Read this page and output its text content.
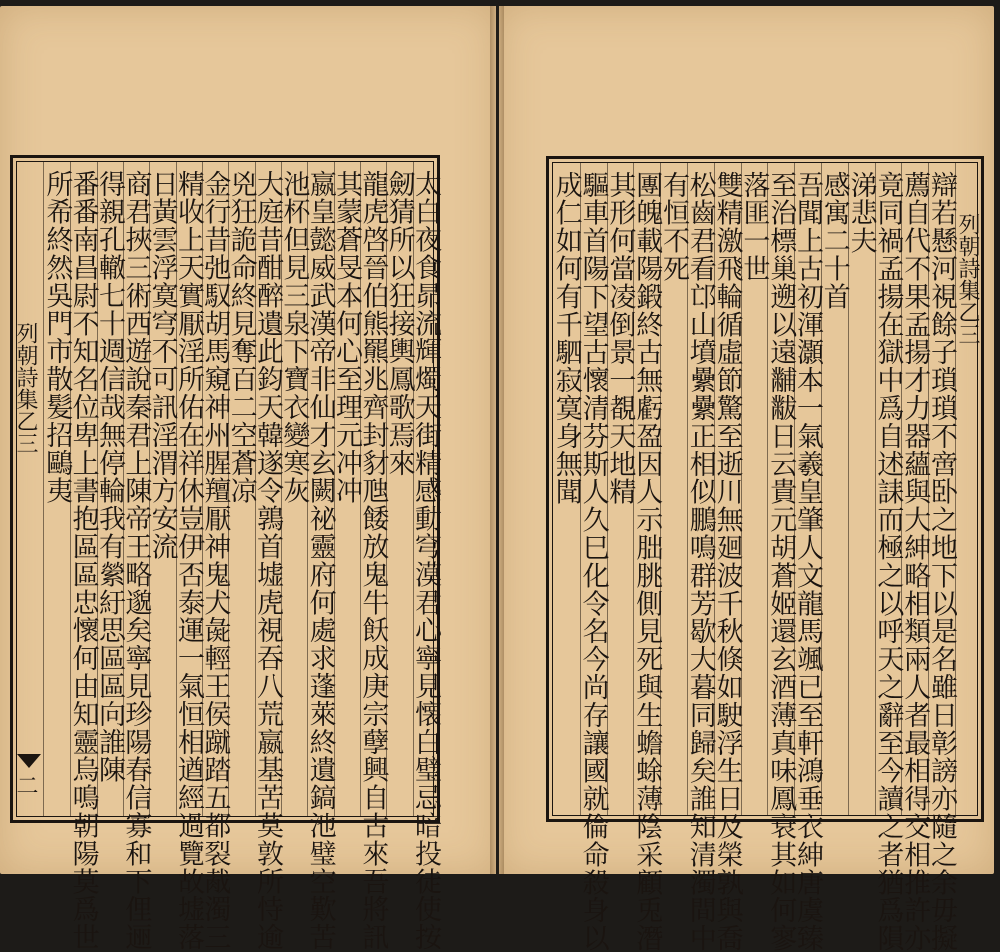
辯若懸河視餘子瑣瑣不啻卧之地下以是名雖日彰謗亦隨之余毋擬
薦自代不果孟揚才力器蘊與大紳略相類兩人者最相得交相推許亦
竟同禍孟揚在獄中爲自述誄而極之以呼天之辭至今讀之者猶爲隕
涕悲夫
感寓二十首
吾聞上古初渾灝本一氣羲皇肇人文龍馬颯已至軒鴻垂衣紳唐虞臻
至治標巢遡以遠黼黻日云貴元胡蒼姬還玄酒薄真味鳳衰其如何寥
落匪一世
雙精激飛輪循虛節驚至逝川無廻波千秋倏如駛浮生日及榮孰與喬
松齒君看邙山墳纍纍正相似鵬鳴群芳歇大暮同歸矣誰知清濁間中
有恒不死
團魄載陽鍛終古無虧盈因人示朏朓側見死與生蟾蜍薄陰采顧兎潛
其形何當凌倒景一覩天地精
驅車首陽下望古懷清芬斯人久巳化令名今尚存讓國就倫命殺身以
成仁如何有千駟寂寞身無聞	列朝詩集乙三
列朝詩集乙三
二	太白夜食昴流輝燭天街精感動穹漠君心寧見懐白璧忌暗投徒使按
劒猜所以狂接輿鳳歌焉來
龍虎啓晉伯熊羆兆齊封豺虺餧放鬼牛飫成庚宗孽興自古來吾將訊
其蒙蒼旻本何心至理元冲冲
嬴皇懿威武漢帝非仙才玄闕祕靈府何處求蓬萊終遺鎬池璧空歎苦
池杯但見三泉下寶衣變寒灰
大庭昔酣醉遺此鈞天韓遂令鶉首墟虎視吞八荒嬴基苦莫敦所恃逾
兇狂詭命終見奪百二空蒼凉
金行昔弛馭胡馬窺神州腥羶厭神鬼犬彘輕王侯蹴踏五都裂胾濁三
精收上天實厭淫所佑在祥休豈伊否泰運一氣恒相遒經過覽故墟落
日黃雲浮寞穹不可訊淫渭方安流
商君挾三術西遊說秦君上陳帝王略邈矣寧見珍陽春信寡和下俚逦
得親孔轍七十週信哉無停輪我有縈紆思區區向誰陳
番番南昌尉不知名位卑上書抱區區忠懷何由知靈烏鳴朝陽莫爲世
所希終然吳門市散髪招鷗夷
